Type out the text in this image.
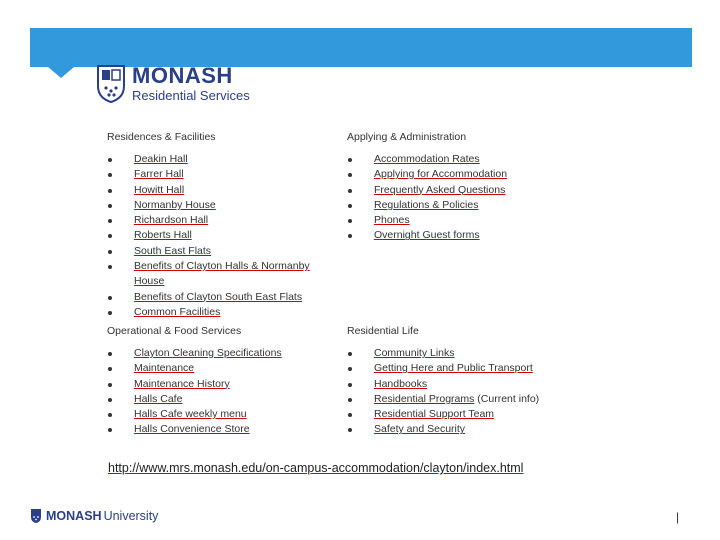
MONASH
Residential Services
Residences & Facilities
Deakin Hall
Farrer Hall
Howitt Hall
Normanby House
Richardson Hall
Roberts Hall
South East Flats
Benefits of Clayton Halls & Normanby House
Benefits of Clayton South East Flats
Common Facilities
Applying & Administration
Accommodation Rates
Applying for Accommodation
Frequently Asked Questions
Regulations & Policies
Phones
Overnight Guest forms
Operational & Food Services
Clayton Cleaning Specifications
Maintenance
Maintenance History
Halls Cafe
Halls Cafe weekly menu
Halls Convenience Store
Residential Life
Community Links
Getting Here and Public Transport
Handbooks
Residential Programs (Current info)
Residential Support Team
Safety and Security
http://www.mrs.monash.edu/on-campus-accommodation/clayton/index.html
MONASH University	|
